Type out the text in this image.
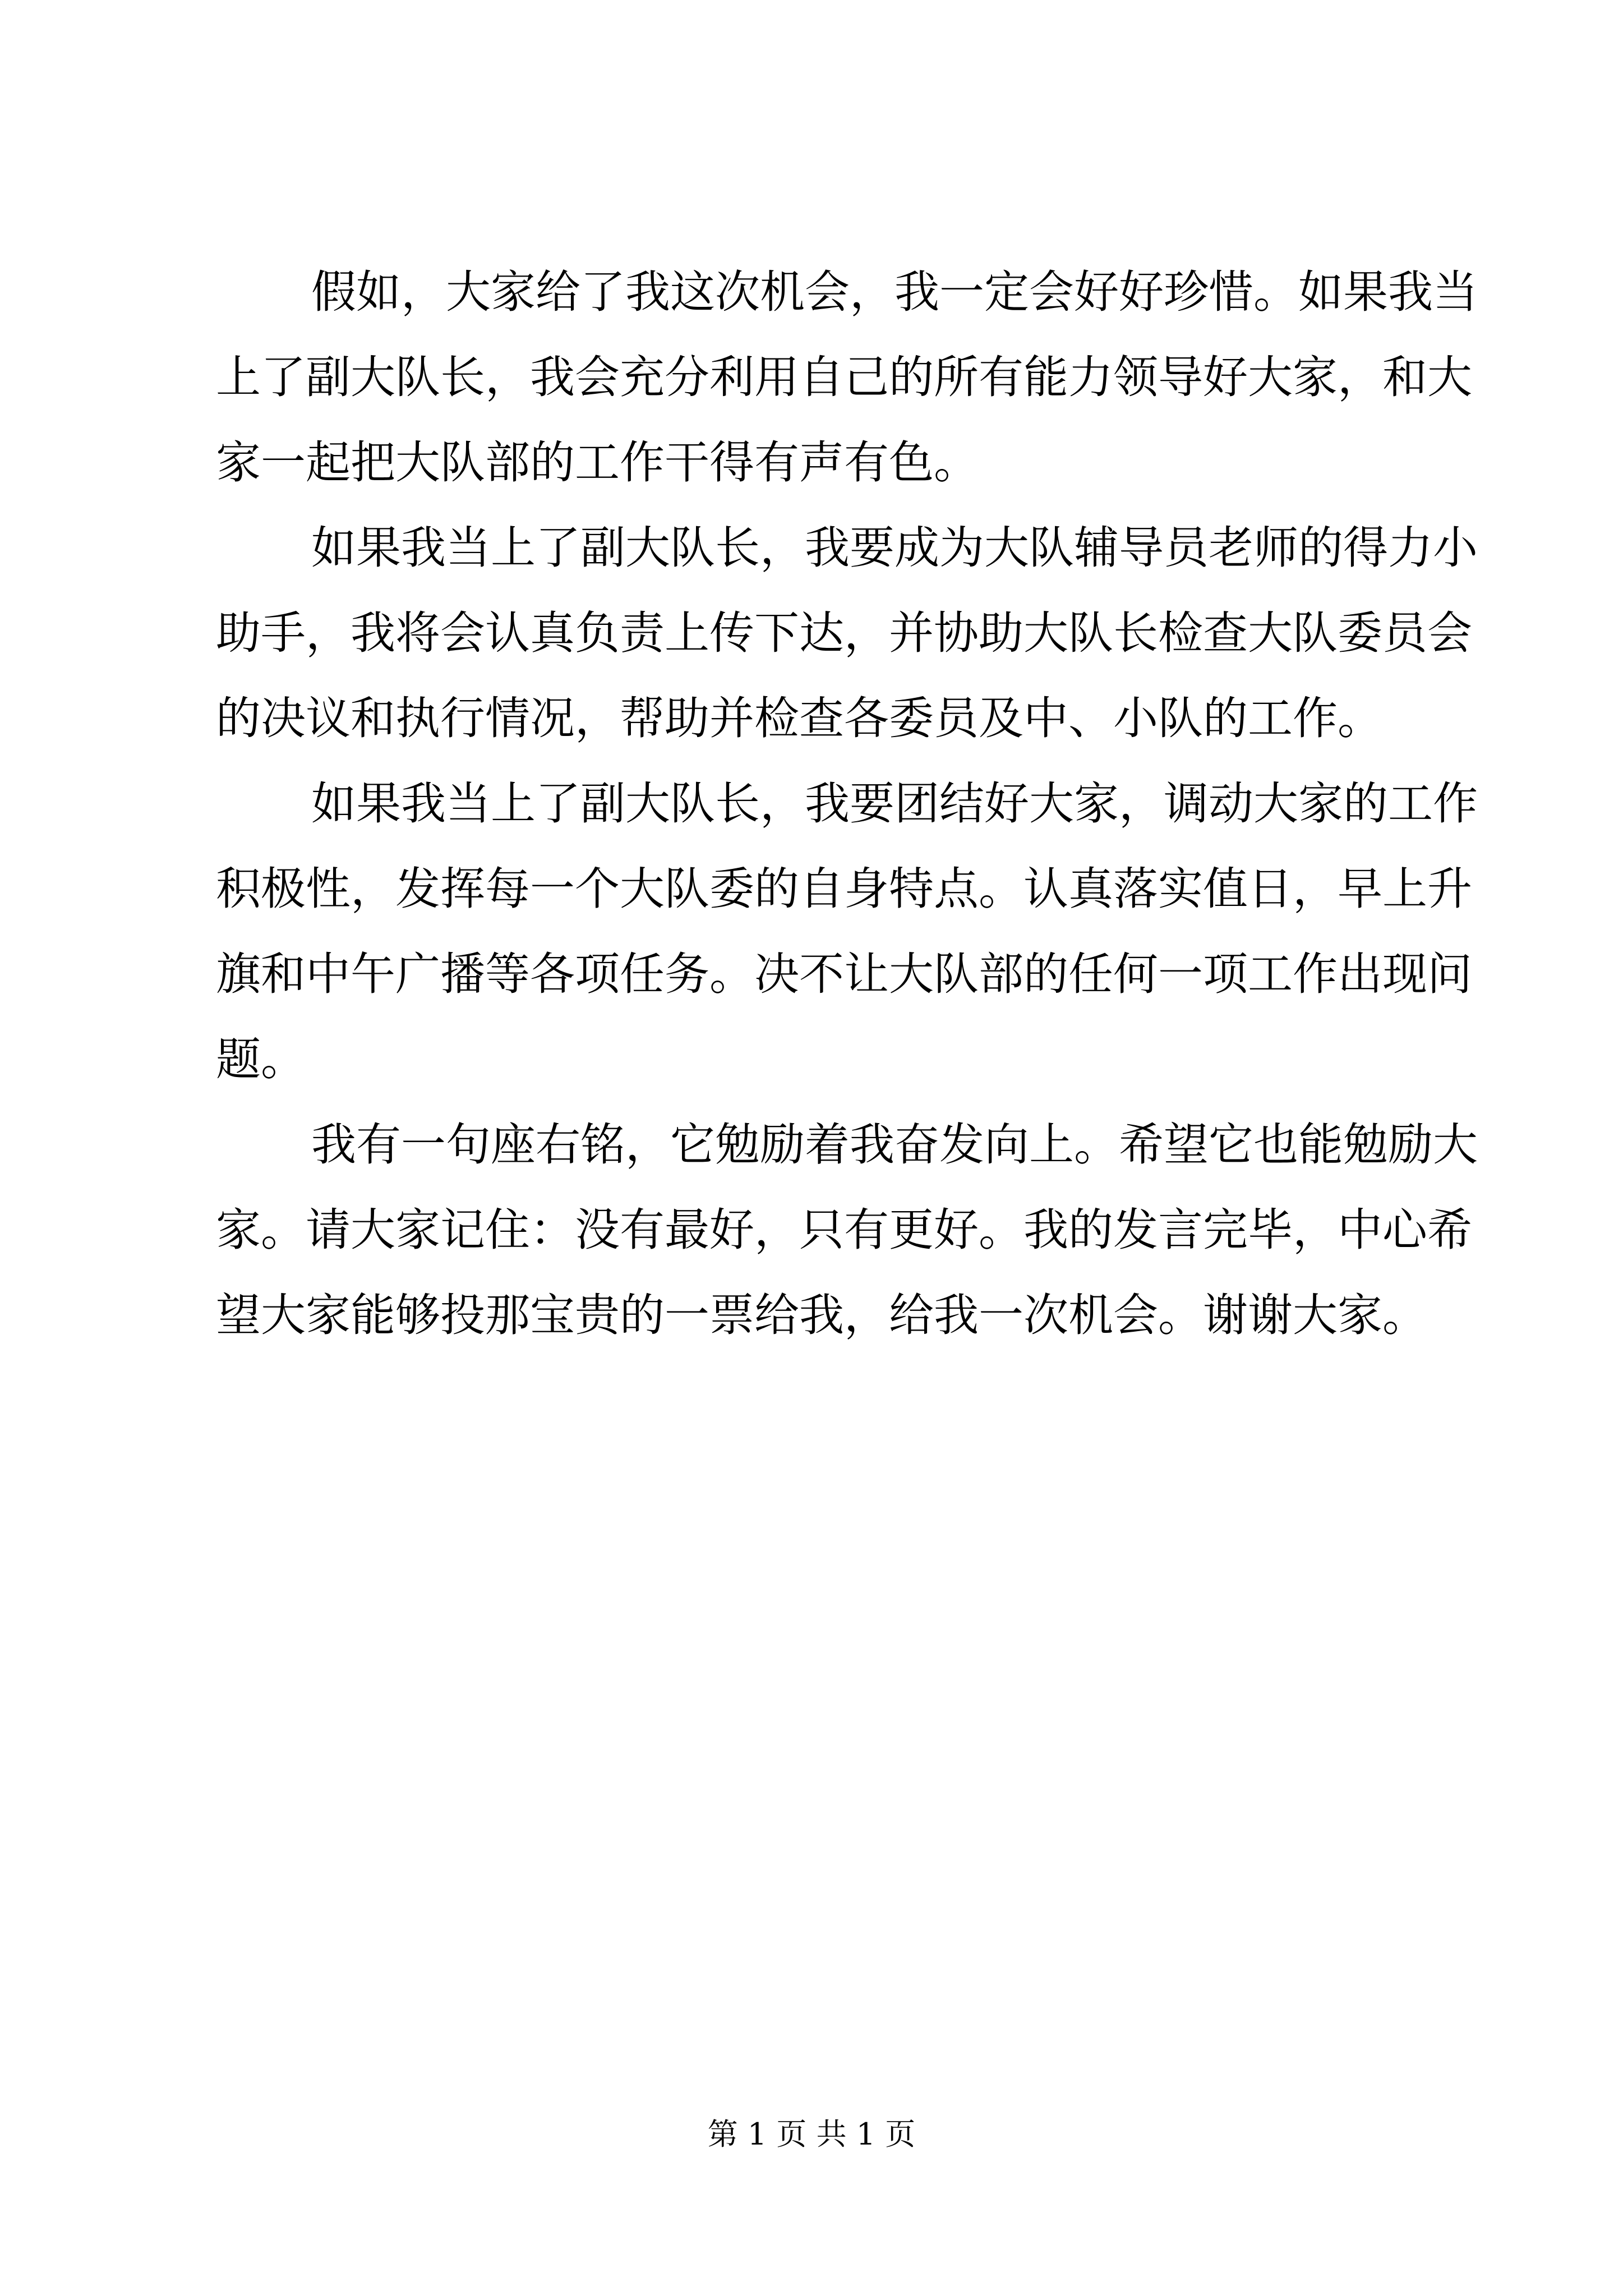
假如，大家给了我这次机会，我一定会好好珍惜。如果我当
上了副大队长，我会充分利用自己的所有能力领导好大家，和大
家一起把大队部的工作干得有声有色。
如果我当上了副大队长，我要成为大队辅导员老师的得力小
助手，我将会认真负责上传下达，并协助大队长检查大队委员会
的决议和执行情况，帮助并检查各委员及中、小队的工作。
如果我当上了副大队长，我要团结好大家，调动大家的工作
积极性，发挥每一个大队委的自身特点。认真落实值日，早上升
旗和中午广播等各项任务。决不让大队部的任何一项工作出现问
题。
我有一句座右铭，它勉励着我奋发向上。希望它也能勉励大
家。请大家记住：没有最好，只有更好。我的发言完毕，中心希
望大家能够投那宝贵的一票给我，给我一次机会。谢谢大家。
第 1 页 共 1 页
